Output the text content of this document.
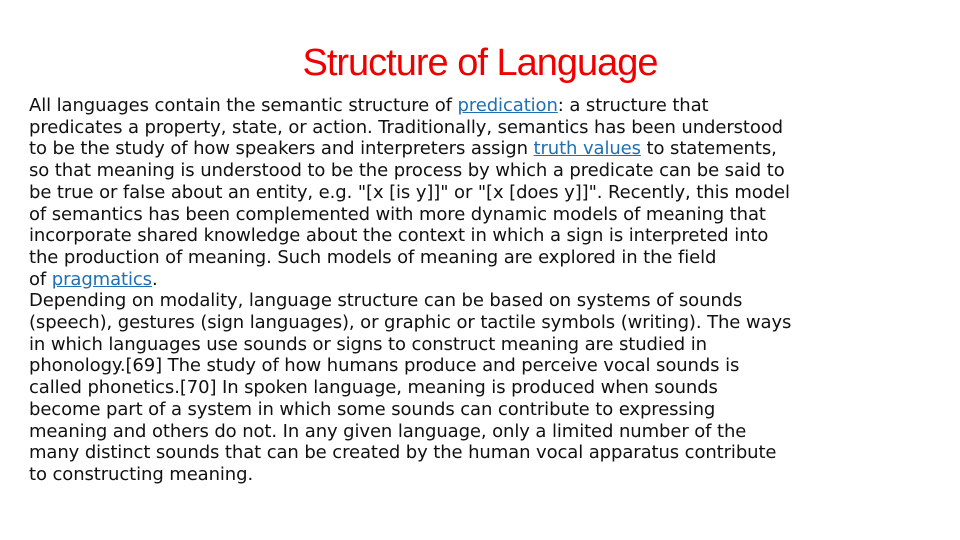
Structure of Language

All languages contain the semantic structure of predication: a structure that
predicates a property, state, or action. Traditionally, semantics has been understood
to be the study of how speakers and interpreters assign truth values to statements,
so that meaning is understood to be the process by which a predicate can be said to
be true or false about an entity, e.g. "[x [is y]]" or "[x [does y]]". Recently, this model
of semantics has been complemented with more dynamic models of meaning that
incorporate shared knowledge about the context in which a sign is interpreted into
the production of meaning. Such models of meaning are explored in the field
of pragmatics.

Depending on modality, language structure can be based on systems of sounds
(speech), gestures (sign languages), or graphic or tactile symbols (writing). The ways
in which languages use sounds or signs to construct meaning are studied in
phonology.[69] The study of how humans produce and perceive vocal sounds is
called phonetics.[70] In spoken language, meaning is produced when sounds
become part of a system in which some sounds can contribute to expressing
meaning and others do not. In any given language, only a limited number of the
many distinct sounds that can be created by the human vocal apparatus contribute
to constructing meaning.
